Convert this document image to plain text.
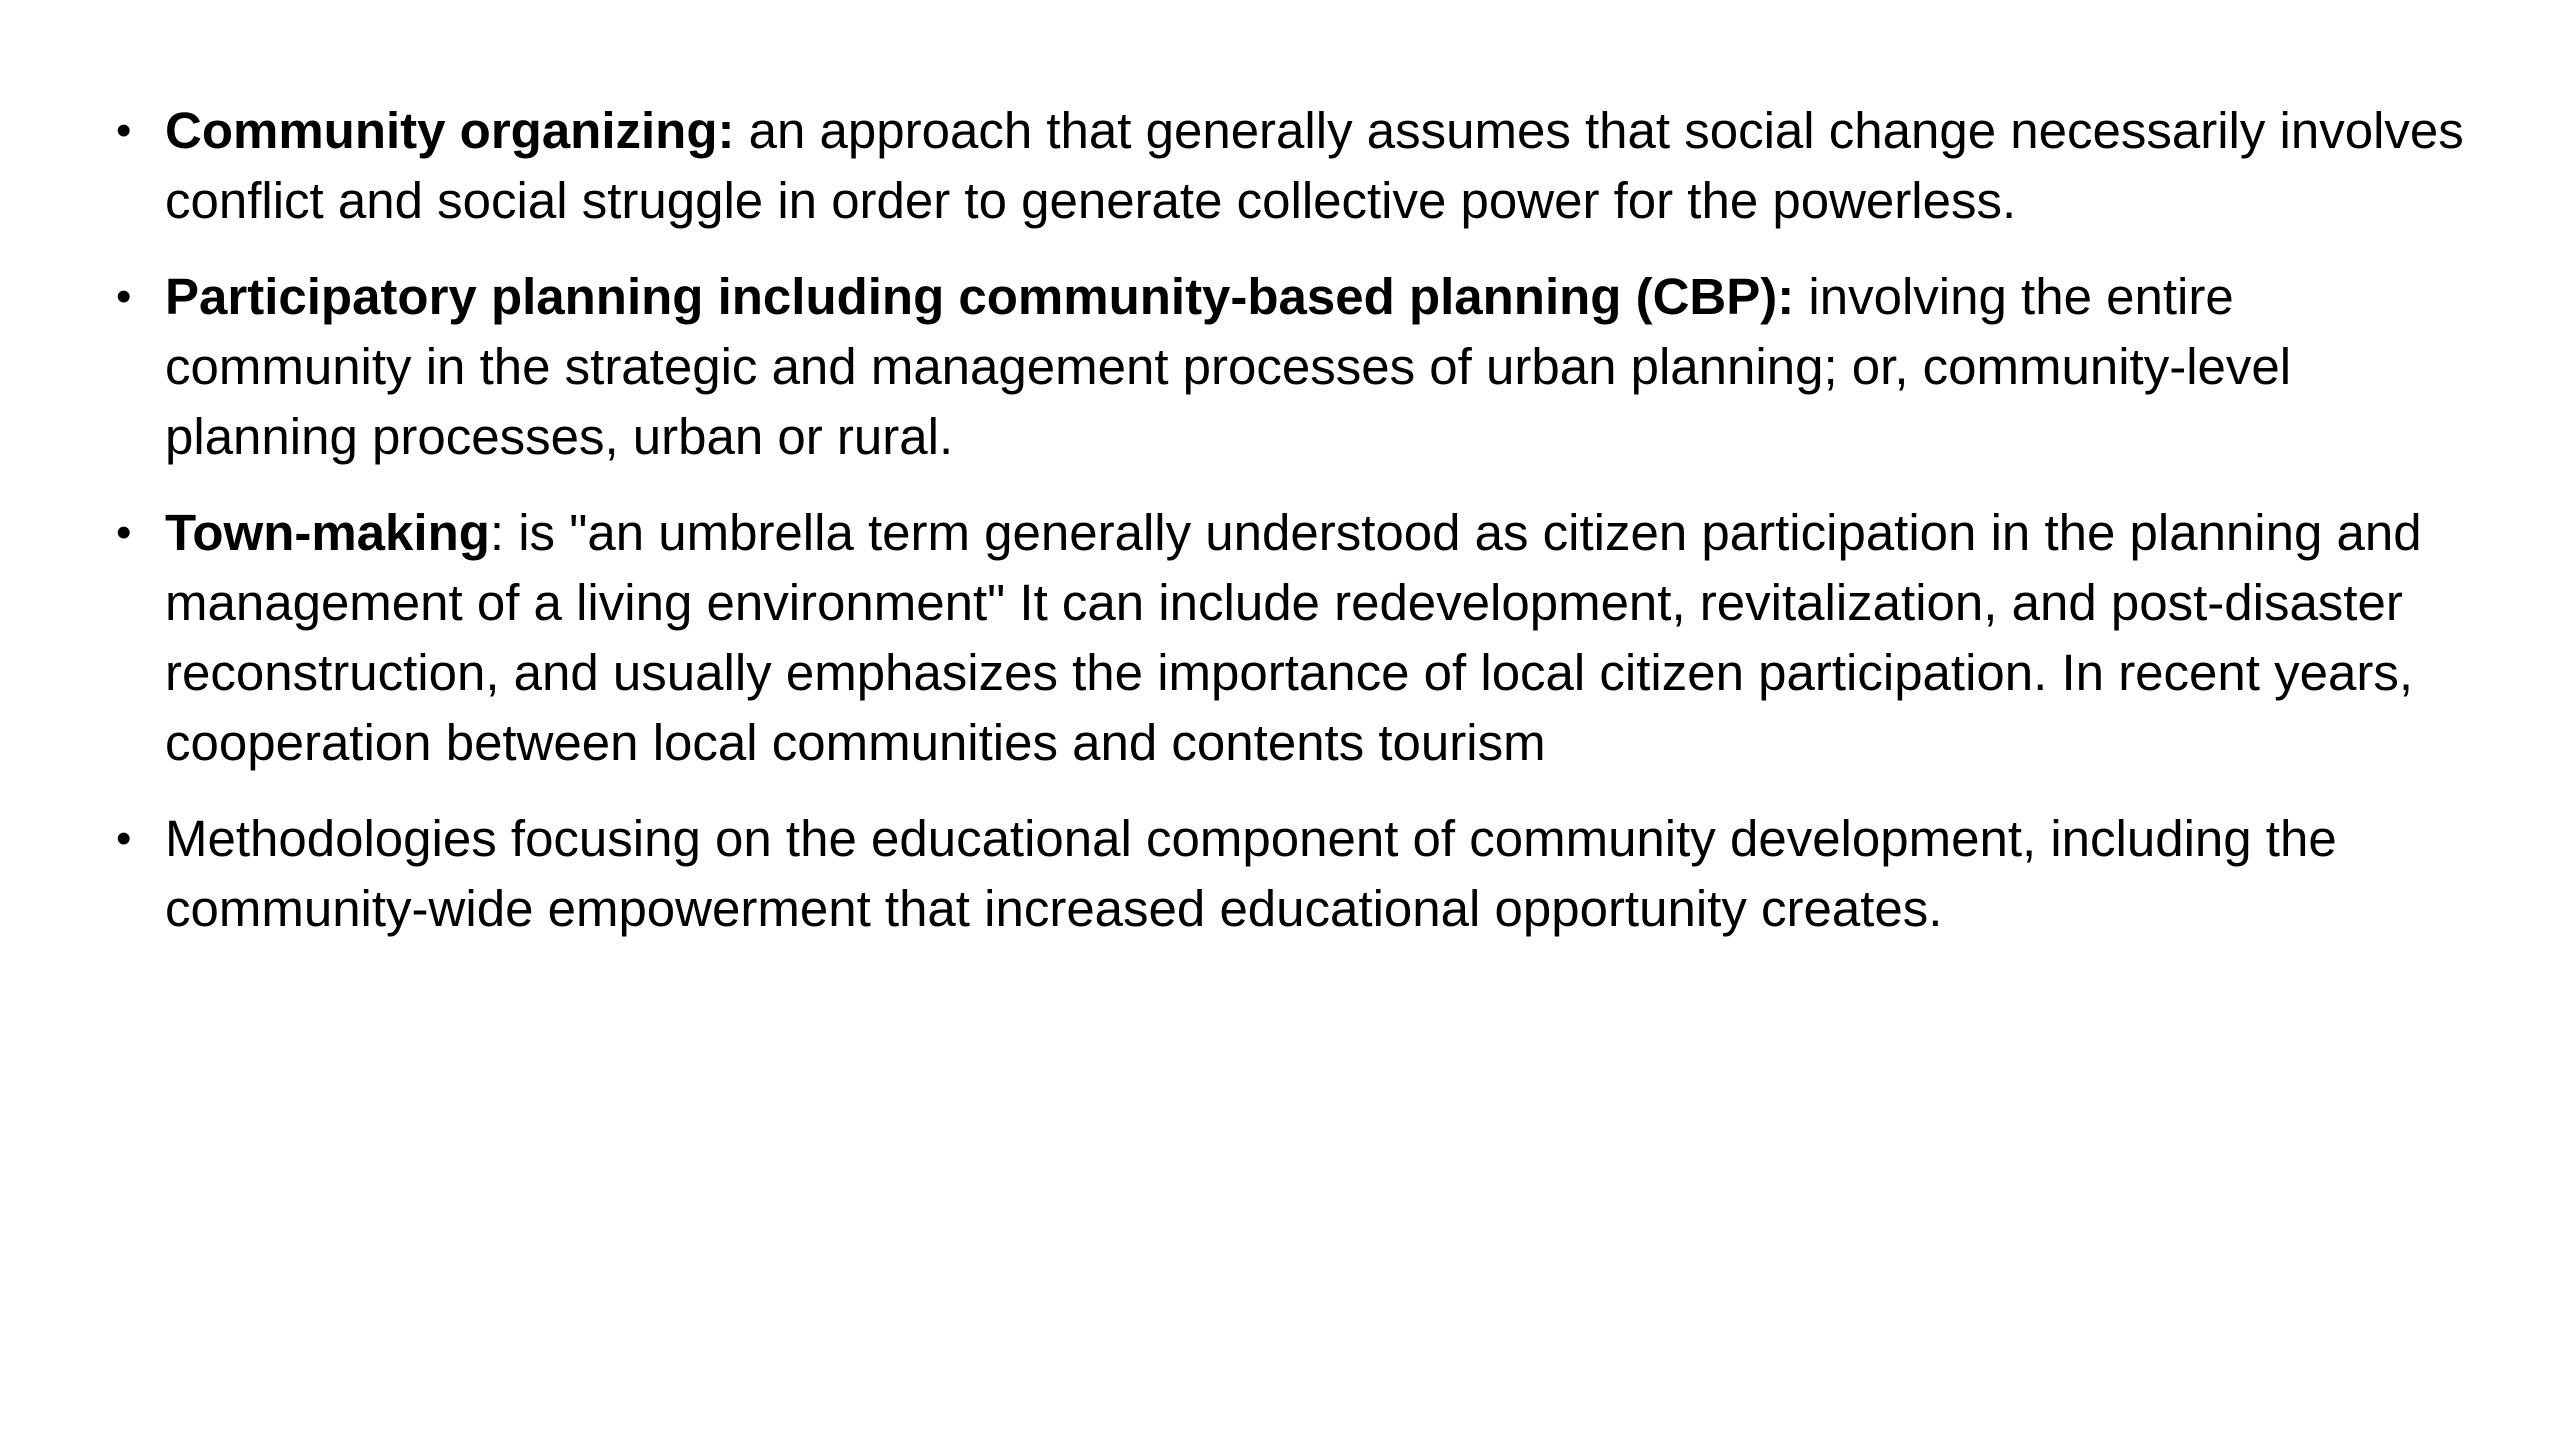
• Community organizing: an approach that generally assumes that social change necessarily involves conflict and social struggle in order to generate collective power for the powerless.
• Participatory planning including community-based planning (CBP): involving the entire community in the strategic and management processes of urban planning; or, community-level planning processes, urban or rural.
• Town-making: is "an umbrella term generally understood as citizen participation in the planning and management of a living environment" It can include redevelopment, revitalization, and post-disaster reconstruction, and usually emphasizes the importance of local citizen participation. In recent years, cooperation between local communities and contents tourism
• Methodologies focusing on the educational component of community development, including the community-wide empowerment that increased educational opportunity creates.
